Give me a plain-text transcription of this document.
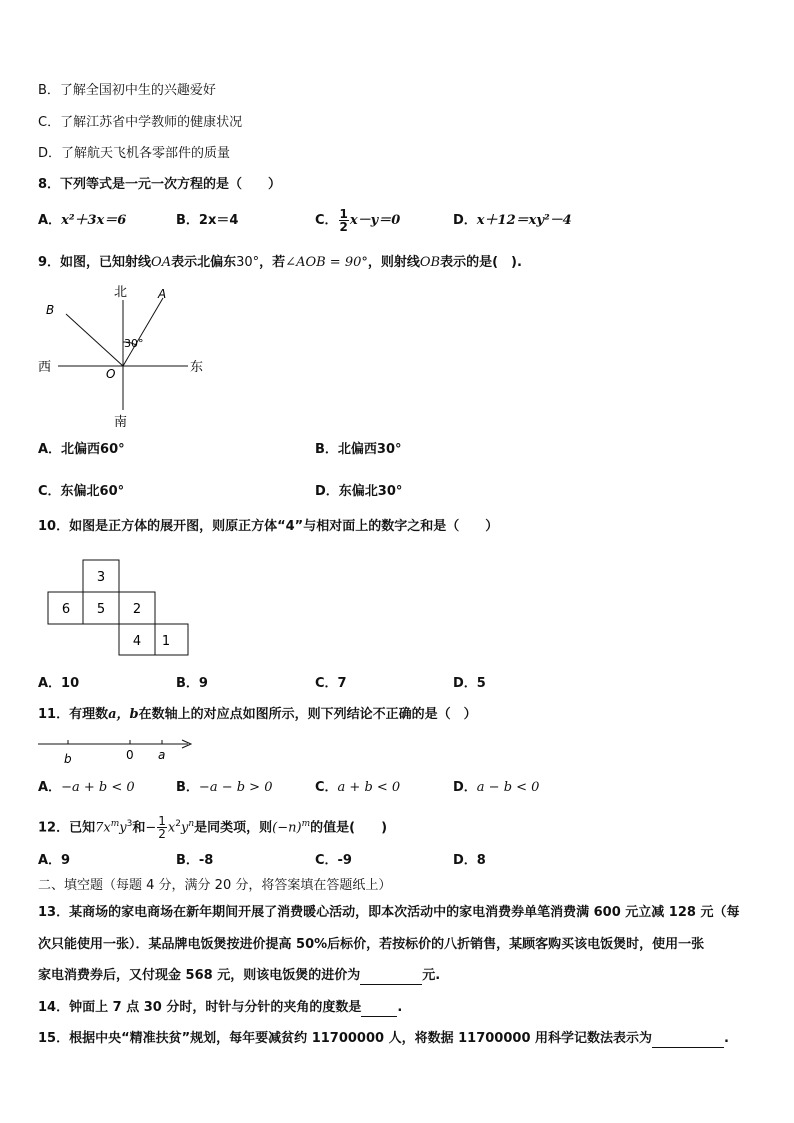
B．了解全国初中生的兴趣爱好
C．了解江苏省中学教师的健康状况
D．了解航天飞机各零部件的质量
8．下列等式是一元一次方程的是（　　）
A．x²＋3x＝6	B．2x＝4	C． $\frac{1}{2} x-y=0$	D．x＋12＝xy²－4
9．如图，已知射线OA表示北偏东30°，若∠AOB = 90°，则射线OB表示的是(　).
北
南
西	东
A
B
O
30°
A．北偏西60°	B．北偏西30°
C．东偏北60°	D．东偏北30°
10．如图是正方体的展开图，则原正方体“4”与相对面上的数字之和是（　　）
3
6 5 2
4 1
A．10	B．9	C．7	D．5
11．有理数a，b在数轴上的对应点如图所示，则下列结论不正确的是（　）
b	0 a
A．−a + b < 0	B．−a − b > 0	C．a + b < 0	D．a − b < 0
12．已知$7x^my^3$和− $\frac{1}{2} x^2y^n$是同类项，则$(-n)^m$的值是(　　)
A．9	B．-8	C．-9	D．8
二、填空题（每题 4 分，满分 20 分，将答案填在答题纸上）
13．某商场的家电商场在新年期间开展了消费暖心活动，即本次活动中的家电消费券单笔消费满 600 元立减 128 元（每
次只能使用一张）．某品牌电饭煲按进价提高 50%后标价，若按标价的八折销售，某顾客购买该电饭煲时，使用一张
家电消费券后，又付现金 568 元，则该电饭煲的进价为	元.
14．钟面上 7 点 30 分时，时针与分针的夹角的度数是	.
15．根据中央“精准扶贫”规划，每年要减贫约 11700000 人，将数据 11700000 用科学记数法表示为	.
